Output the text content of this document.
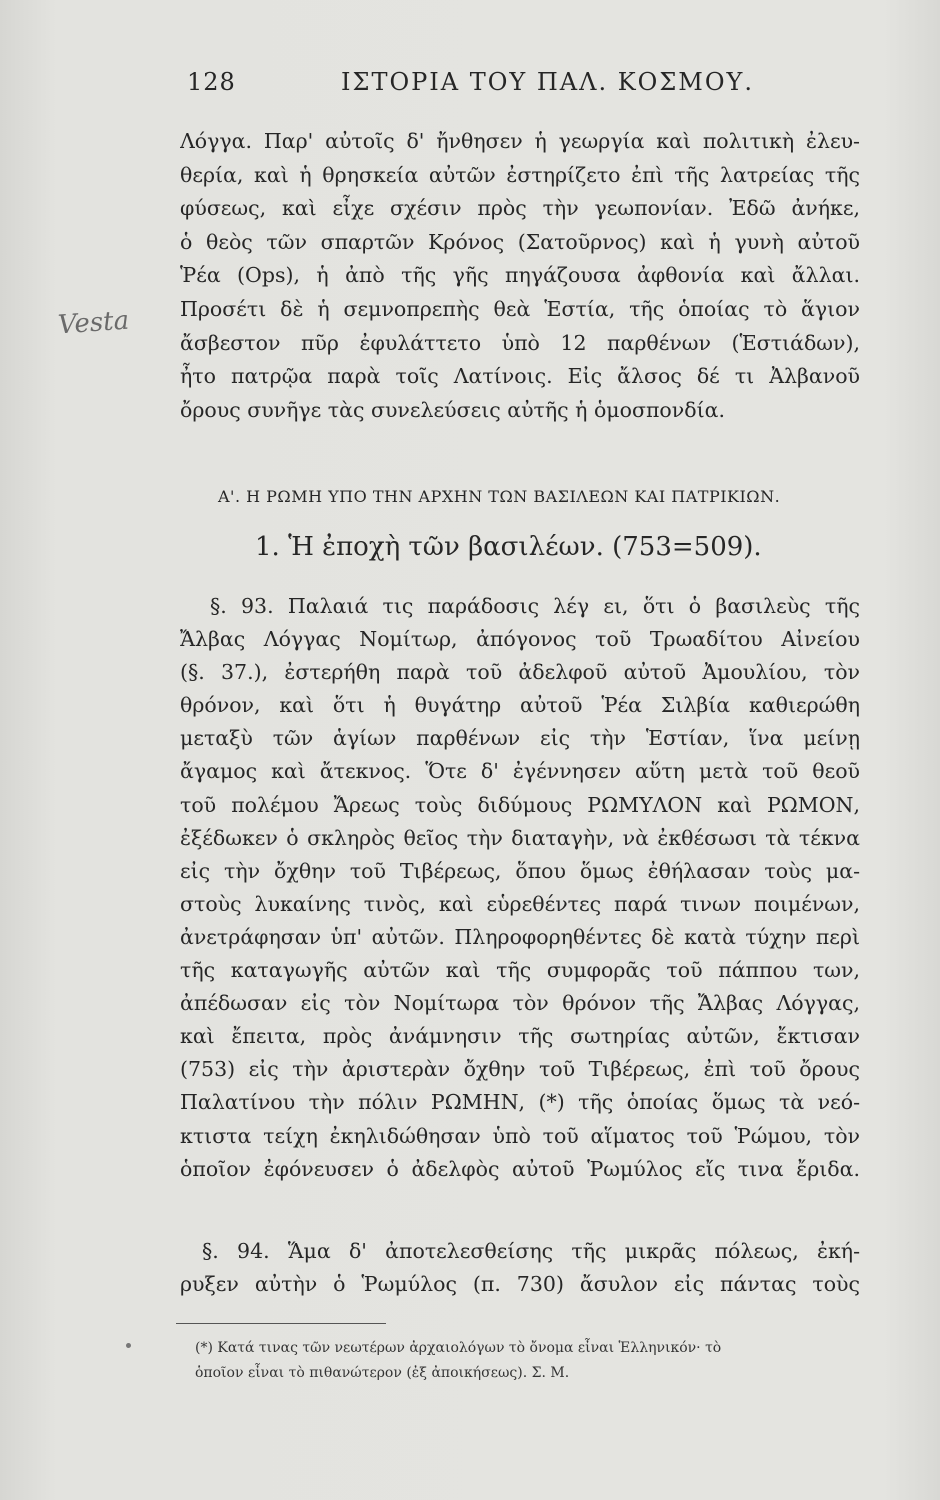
128	ΙΣΤΟΡΙΑ ΤΟΥ ΠΑΛ. ΚΟΣΜΟΥ.
Vesta
Λόγγα. Παρ' αὐτοῖς δ' ἤνθησεν ἡ γεωργία καὶ πολιτικὴ ἐλευ-
θερία, καὶ ἡ θρησκεία αὐτῶν ἐστηρίζετο ἐπὶ τῆς λατρείας τῆς
φύσεως, καὶ εἶχε σχέσιν πρὸς τὴν γεωπονίαν. Ἐδῶ ἀνήκε,
ὁ θεὸς τῶν σπαρτῶν Κρόνος (Σατοῦρνος) καὶ ἡ γυνὴ αὐτοῦ
Ῥέα (Ops), ἡ ἀπὸ τῆς γῆς πηγάζουσα ἀφθονία καὶ ἄλλαι.
Προσέτι δὲ ἡ σεμνοπρεπὴς θεὰ Ἑστία, τῆς ὁποίας τὸ ἅγιον
ἄσβεστον πῦρ ἐφυλάττετο ὑπὸ 12 παρθένων (Ἑστιάδων),
ἦτο πατρῷα παρὰ τοῖς Λατίνοις. Εἰς ἄλσος δέ τι Ἀλβανοῦ
ὄρους συνῆγε τὰς συνελεύσεις αὐτῆς ἡ ὁμοσπονδία.
Α'. Η ΡΩΜΗ ΥΠΟ ΤΗΝ ΑΡΧΗΝ ΤΩΝ ΒΑΣΙΛΕΩΝ ΚΑΙ ΠΑΤΡΙΚΙΩΝ.
1. Ἡ ἐποχὴ τῶν βασιλέων. (753=509).
§. 93. Παλαιά τις παράδοσις λέγ ει, ὅτι ὁ βασιλεὺς τῆς
Ἄλβας Λόγγας Νομίτωρ, ἀπόγονος τοῦ Τρωαδίτου Αἰνείου
(§. 37.), ἐστερήθη παρὰ τοῦ ἀδελφοῦ αὐτοῦ Ἀμουλίου, τὸν
θρόνον, καὶ ὅτι ἡ θυγάτηρ αὐτοῦ Ῥέα Σιλβία καθιερώθη
μεταξὺ τῶν ἁγίων παρθένων εἰς τὴν Ἑστίαν, ἵνα μείνῃ
ἄγαμος καὶ ἄτεκνος. Ὅτε δ' ἐγέννησεν αὕτη μετὰ τοῦ θεοῦ
τοῦ πολέμου Ἄρεως τοὺς διδύμους ΡΩΜΥΛΟΝ καὶ ΡΩΜΟΝ,
ἐξέδωκεν ὁ σκληρὸς θεῖος τὴν διαταγὴν, νὰ ἐκθέσωσι τὰ τέκνα
εἰς τὴν ὄχθην τοῦ Τιβέρεως, ὅπου ὅμως ἐθήλασαν τοὺς μα-
στοὺς λυκαίνης τινὸς, καὶ εὑρεθέντες παρά τινων ποιμένων,
ἀνετράφησαν ὑπ' αὐτῶν. Πληροφορηθέντες δὲ κατὰ τύχην περὶ
τῆς καταγωγῆς αὐτῶν καὶ τῆς συμφορᾶς τοῦ πάππου των,
ἀπέδωσαν εἰς τὸν Νομίτωρα τὸν θρόνον τῆς Ἄλβας Λόγγας,
καὶ ἔπειτα, πρὸς ἀνάμνησιν τῆς σωτηρίας αὐτῶν, ἔκτισαν
(753) εἰς τὴν ἀριστερὰν ὄχθην τοῦ Τιβέρεως, ἐπὶ τοῦ ὄρους
Παλατίνου τὴν πόλιν ΡΩΜΗΝ, (*) τῆς ὁποίας ὅμως τὰ νεό-
κτιστα τείχη ἐκηλιδώθησαν ὑπὸ τοῦ αἵματος τοῦ Ῥώμου, τὸν
ὁποῖον ἐφόνευσεν ὁ ἀδελφὸς αὐτοῦ Ῥωμύλος εἴς τινα ἔριδα.
§. 94. Ἅμα δ' ἀποτελεσθείσης τῆς μικρᾶς πόλεως, ἐκή-
ρυξεν αὐτὴν ὁ Ῥωμύλος (π. 730) ἄσυλον εἰς πάντας τοὺς
(*) Κατά τινας τῶν νεωτέρων ἀρχαιολόγων τὸ ὄνομα εἶναι Ἑλληνικόν· τὸ
ὁποῖον εἶναι τὸ πιθανώτερον (ἐξ ἀποικήσεως). Σ. Μ.
